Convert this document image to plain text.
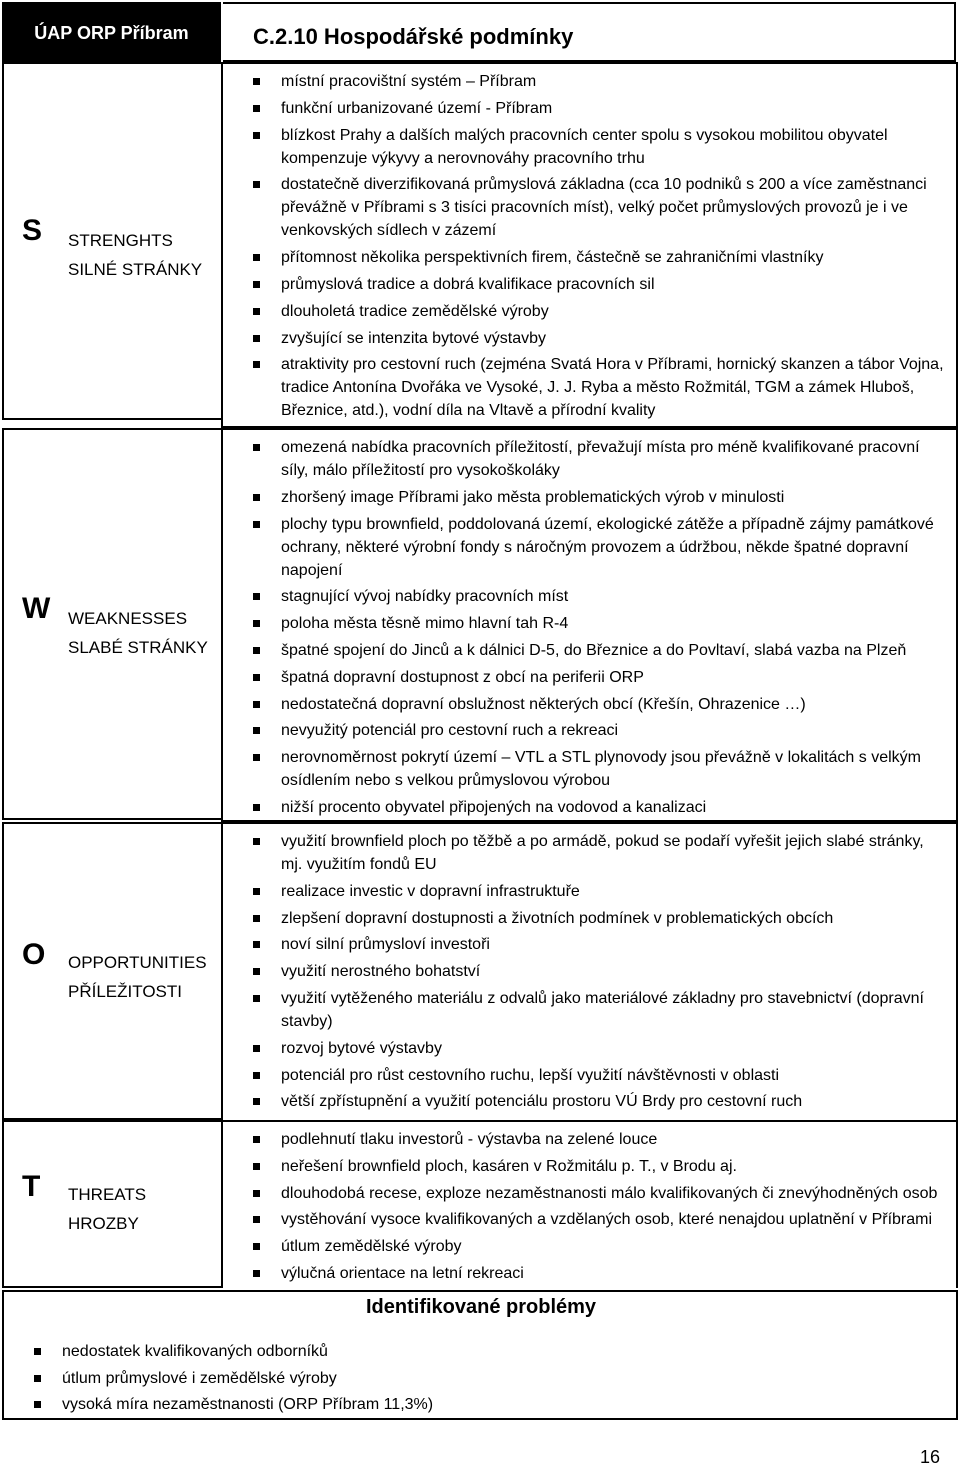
ÚAP ORP Příbram	C.2.10 Hospodářské podmínky
S STRENGHTS
SILNÉ STRÁNKY
místní pracovištní systém – Příbram
funkční urbanizované území - Příbram
blízkost Prahy a dalších malých pracovních center spolu s vysokou mobilitou obyvatel kompenzuje výkyvy a nerovnováhy pracovního trhu
dostatečně diverzifikovaná průmyslová základna (cca 10 podniků s 200 a více zaměstnanci převážně v Příbrami s 3 tisíci pracovních míst), velký počet průmyslových provozů je i ve venkovských sídlech v zázemí
přítomnost několika perspektivních firem, částečně se zahraničními vlastníky
průmyslová tradice a dobrá kvalifikace pracovních sil
dlouholetá tradice zemědělské výroby
zvyšující se intenzita bytové výstavby
atraktivity pro cestovní ruch (zejména Svatá Hora v Příbrami, hornický skanzen a tábor Vojna, tradice Antonína Dvořáka ve Vysoké, J. J. Ryba a město Rožmitál, TGM a zámek Hluboš, Březnice, atd.), vodní díla na Vltavě a přírodní kvality
W WEAKNESSES
SLABÉ STRÁNKY
omezená nabídka pracovních příležitostí, převažují místa pro méně kvalifikované pracovní síly, málo příležitostí pro vysokoškoláky
zhoršený image Příbrami jako města problematických výrob v minulosti
plochy typu brownfield, poddolovaná území, ekologické zátěže a případně zájmy památkové ochrany, některé výrobní fondy s náročným provozem a údržbou, někde špatné dopravní napojení
stagnující vývoj nabídky pracovních míst
poloha města těsně mimo hlavní tah R-4
špatné spojení do Jinců a k dálnici D-5, do Březnice a do Povltaví, slabá vazba na Plzeň
špatná dopravní dostupnost z obcí na periferii ORP
nedostatečná dopravní obslužnost některých obcí (Křešín, Ohrazenice …)
nevyužitý potenciál pro cestovní ruch a rekreaci
nerovnoměrnost pokrytí území – VTL a STL plynovody jsou převážně v lokalitách s velkým osídlením nebo s velkou průmyslovou výrobou
nižší procento obyvatel připojených na vodovod a kanalizaci
O OPPORTUNITIES
PŘÍLEŽITOSTI
využití brownfield ploch po těžbě a po armádě, pokud se podaří vyřešit jejich slabé stránky, mj. využitím fondů EU
realizace investic v dopravní infrastruktuře
zlepšení dopravní dostupnosti a životních podmínek v problematických obcích
noví silní průmysloví investoři
využití nerostného bohatství
využití vytěženého materiálu z odvalů jako materiálové základny pro stavebnictví (dopravní stavby)
rozvoj bytové výstavby
potenciál pro růst cestovního ruchu, lepší využití návštěvnosti v oblasti
větší zpřístupnění a využití potenciálu prostoru VÚ Brdy pro cestovní ruch
T THREATS
HROZBY
podlehnutí tlaku investorů - výstavba na zelené louce
neřešení brownfield ploch, kasáren v Rožmitálu p. T., v Brodu aj.
dlouhodobá recese, exploze nezaměstnanosti málo kvalifikovaných či znevýhodněných osob
vystěhování vysoce kvalifikovaných a vzdělaných osob, které nenajdou uplatnění v Příbrami
útlum zemědělské výroby
výlučná orientace na letní rekreaci
Identifikované problémy
nedostatek kvalifikovaných odborníků
útlum průmyslové i zemědělské výroby
vysoká míra nezaměstnanosti (ORP Příbram 11,3%)
16
